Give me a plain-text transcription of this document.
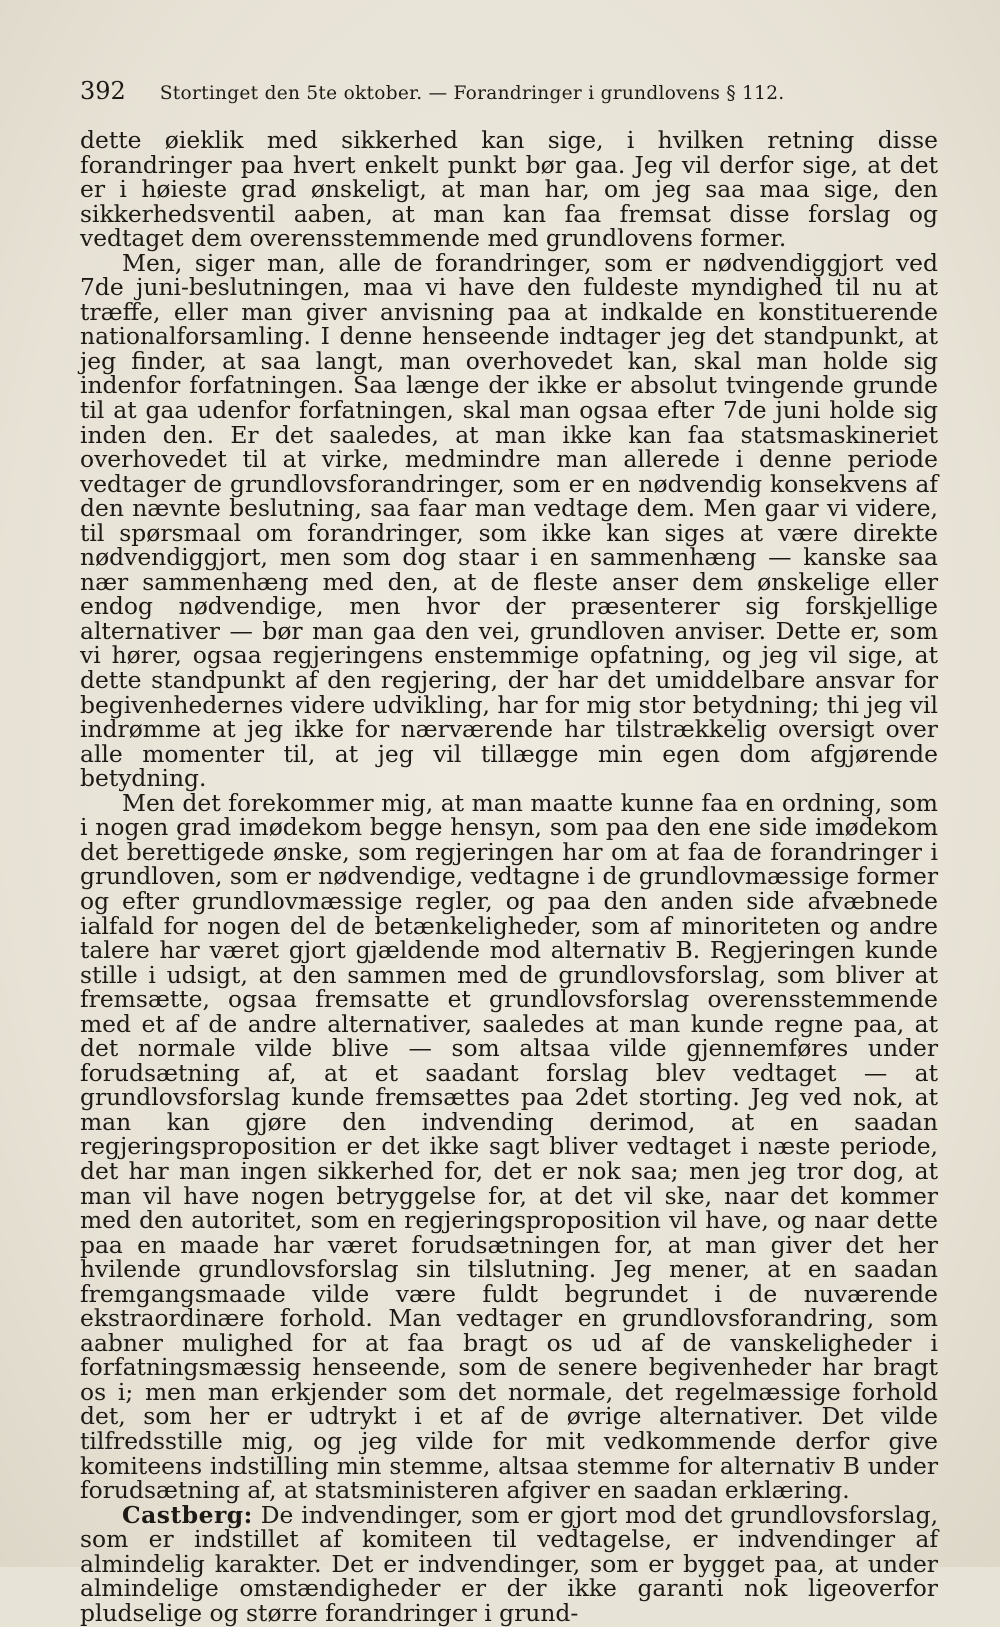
392 Stortinget den 5te oktober. — Forandringer i grundlovens § 112.

dette øieklik med sikkerhed kan sige, i hvilken retning disse forandringer paa hvert enkelt punkt bør gaa. Jeg vil derfor sige, at det er i høieste grad ønskeligt, at man har, om jeg saa maa sige, den sikkerhedsventil aaben, at man kan faa fremsat disse forslag og vedtaget dem overensstemmende med grundlovens former.

Men, siger man, alle de forandringer, som er nødvendiggjort ved 7de juni-beslutningen, maa vi have den fuldeste myndighed til nu at træffe, eller man giver anvisning paa at indkalde en konstituerende nationalforsamling. I denne henseende indtager jeg det standpunkt, at jeg finder, at saa langt, man overhovedet kan, skal man holde sig indenfor forfatningen. Saa længe der ikke er absolut tvingende grunde til at gaa udenfor forfatningen, skal man ogsaa efter 7de juni holde sig inden den. Er det saaledes, at man ikke kan faa statsmaskineriet overhovedet til at virke, medmindre man allerede i denne periode vedtager de grundlovsforandringer, som er en nødvendig konsekvens af den nævnte beslutning, saa faar man vedtage dem. Men gaar vi videre, til spørsmaal om forandringer, som ikke kan siges at være direkte nødvendiggjort, men som dog staar i en sammenhæng — kanske saa nær sammenhæng med den, at de fleste anser dem ønskelige eller endog nødvendige, men hvor der præsenterer sig forskjellige alternativer — bør man gaa den vei, grundloven anviser. Dette er, som vi hører, ogsaa regjeringens enstemmige opfatning, og jeg vil sige, at dette standpunkt af den regjering, der har det umiddelbare ansvar for begivenhedernes videre udvikling, har for mig stor betydning; thi jeg vil indrømme at jeg ikke for nærværende har tilstrækkelig oversigt over alle momenter til, at jeg vil tillægge min egen dom afgjørende betydning.

Men det forekommer mig, at man maatte kunne faa en ordning, som i nogen grad imødekom begge hensyn, som paa den ene side imødekom det berettigede ønske, som regjeringen har om at faa de forandringer i grundloven, som er nødvendige, vedtagne i de grundlovmæssige former og efter grundlovmæssige regler, og paa den anden side afvæbnede ialfald for nogen del de betænkeligheder, som af minoriteten og andre talere har været gjort gjældende mod alternativ B. Regjeringen kunde stille i udsigt, at den sammen med de grundlovsforslag, som bliver at fremsætte, ogsaa fremsatte et grundlovsforslag overensstemmende med et af de andre alternativer, saaledes at man kunde regne paa, at det normale vilde blive — som altsaa vilde gjennemføres under forudsætning af, at et saadant forslag blev vedtaget — at grundlovsforslag kunde fremsættes paa 2det storting. Jeg ved nok, at man kan gjøre den indvending derimod, at en saadan regjeringsproposition er det ikke sagt bliver vedtaget i næste periode, det har man ingen sikkerhed for, det er nok saa; men jeg tror dog, at man vil have nogen betryggelse for, at det vil ske, naar det kommer med den autoritet, som en regjeringsproposition vil have, og naar dette paa en maade har været forudsætningen for, at man giver det her hvilende grundlovsforslag sin tilslutning. Jeg mener, at en saadan fremgangsmaade vilde være fuldt begrundet i de nuværende ekstraordinære forhold. Man vedtager en grundlovsforandring, som aabner mulighed for at faa bragt os ud af de vanskeligheder i forfatningsmæssig henseende, som de senere begivenheder har bragt os i; men man erkjender som det normale, det regelmæssige forhold det, som her er udtrykt i et af de øvrige alternativer. Det vilde tilfredsstille mig, og jeg vilde for mit vedkommende derfor give komiteens indstilling min stemme, altsaa stemme for alternativ B under forudsætning af, at statsministeren afgiver en saadan erklæring.

Castberg: De indvendinger, som er gjort mod det grundlovsforslag, som er indstillet af komiteen til vedtagelse, er indvendinger af almindelig karakter. Det er indvendinger, som er bygget paa, at under almindelige omstændigheder er der ikke garanti nok ligeoverfor pludselige og større forandringer i grund-
